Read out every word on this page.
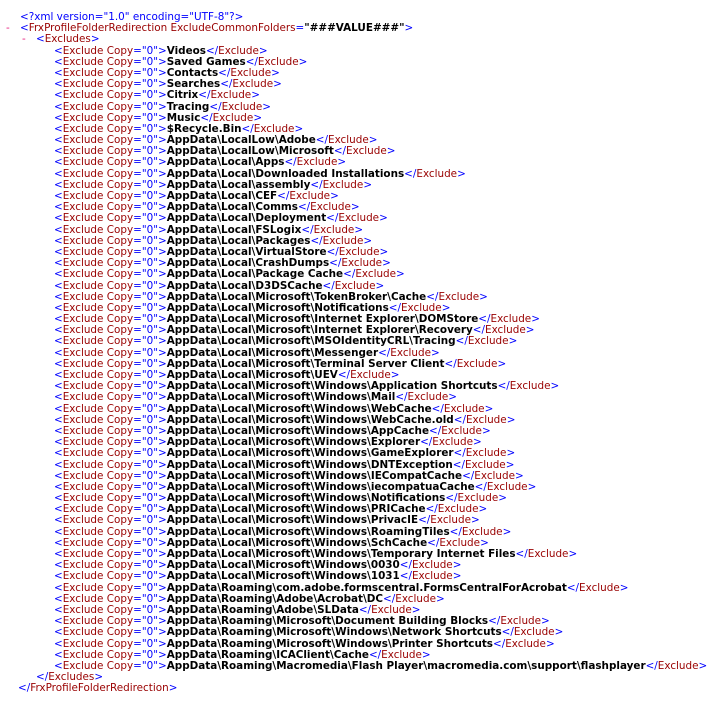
<?xml version="1.0" encoding="UTF-8"?>
- <FrxProfileFolderRedirection ExcludeCommonFolders="###VALUE###">
- <Excludes>
<Exclude Copy="0">Videos</Exclude>
<Exclude Copy="0">Saved Games</Exclude>
<Exclude Copy="0">Contacts</Exclude>
<Exclude Copy="0">Searches</Exclude>
<Exclude Copy="0">Citrix</Exclude>
<Exclude Copy="0">Tracing</Exclude>
<Exclude Copy="0">Music</Exclude>
<Exclude Copy="0">$Recycle.Bin</Exclude>
<Exclude Copy="0">AppData\LocalLow\Adobe</Exclude>
<Exclude Copy="0">AppData\LocalLow\Microsoft</Exclude>
<Exclude Copy="0">AppData\Local\Apps</Exclude>
<Exclude Copy="0">AppData\Local\Downloaded Installations</Exclude>
<Exclude Copy="0">AppData\Local\assembly</Exclude>
<Exclude Copy="0">AppData\Local\CEF</Exclude>
<Exclude Copy="0">AppData\Local\Comms</Exclude>
<Exclude Copy="0">AppData\Local\Deployment</Exclude>
<Exclude Copy="0">AppData\Local\FSLogix</Exclude>
<Exclude Copy="0">AppData\Local\Packages</Exclude>
<Exclude Copy="0">AppData\Local\VirtualStore</Exclude>
<Exclude Copy="0">AppData\Local\CrashDumps</Exclude>
<Exclude Copy="0">AppData\Local\Package Cache</Exclude>
<Exclude Copy="0">AppData\Local\D3DSCache</Exclude>
<Exclude Copy="0">AppData\Local\Microsoft\TokenBroker\Cache</Exclude>
<Exclude Copy="0">AppData\Local\Microsoft\Notifications</Exclude>
<Exclude Copy="0">AppData\Local\Microsoft\Internet Explorer\DOMStore</Exclude>
<Exclude Copy="0">AppData\Local\Microsoft\Internet Explorer\Recovery</Exclude>
<Exclude Copy="0">AppData\Local\Microsoft\MSOIdentityCRL\Tracing</Exclude>
<Exclude Copy="0">AppData\Local\Microsoft\Messenger</Exclude>
<Exclude Copy="0">AppData\Local\Microsoft\Terminal Server Client</Exclude>
<Exclude Copy="0">AppData\Local\Microsoft\UEV</Exclude>
<Exclude Copy="0">AppData\Local\Microsoft\Windows\Application Shortcuts</Exclude>
<Exclude Copy="0">AppData\Local\Microsoft\Windows\Mail</Exclude>
<Exclude Copy="0">AppData\Local\Microsoft\Windows\WebCache</Exclude>
<Exclude Copy="0">AppData\Local\Microsoft\Windows\WebCache.old</Exclude>
<Exclude Copy="0">AppData\Local\Microsoft\Windows\AppCache</Exclude>
<Exclude Copy="0">AppData\Local\Microsoft\Windows\Explorer</Exclude>
<Exclude Copy="0">AppData\Local\Microsoft\Windows\GameExplorer</Exclude>
<Exclude Copy="0">AppData\Local\Microsoft\Windows\DNTException</Exclude>
<Exclude Copy="0">AppData\Local\Microsoft\Windows\IECompatCache</Exclude>
<Exclude Copy="0">AppData\Local\Microsoft\Windows\iecompatuaCache</Exclude>
<Exclude Copy="0">AppData\Local\Microsoft\Windows\Notifications</Exclude>
<Exclude Copy="0">AppData\Local\Microsoft\Windows\PRICache</Exclude>
<Exclude Copy="0">AppData\Local\Microsoft\Windows\PrivacIE</Exclude>
<Exclude Copy="0">AppData\Local\Microsoft\Windows\RoamingTiles</Exclude>
<Exclude Copy="0">AppData\Local\Microsoft\Windows\SchCache</Exclude>
<Exclude Copy="0">AppData\Local\Microsoft\Windows\Temporary Internet Files</Exclude>
<Exclude Copy="0">AppData\Local\Microsoft\Windows\0030</Exclude>
<Exclude Copy="0">AppData\Local\Microsoft\Windows\1031</Exclude>
<Exclude Copy="0">AppData\Roaming\com.adobe.formscentral.FormsCentralForAcrobat</Exclude>
<Exclude Copy="0">AppData\Roaming\Adobe\Acrobat\DC</Exclude>
<Exclude Copy="0">AppData\Roaming\Adobe\SLData</Exclude>
<Exclude Copy="0">AppData\Roaming\Microsoft\Document Building Blocks</Exclude>
<Exclude Copy="0">AppData\Roaming\Microsoft\Windows\Network Shortcuts</Exclude>
<Exclude Copy="0">AppData\Roaming\Microsoft\Windows\Printer Shortcuts</Exclude>
<Exclude Copy="0">AppData\Roaming\ICAClient\Cache</Exclude>
<Exclude Copy="0">AppData\Roaming\Macromedia\Flash Player\macromedia.com\support\flashplayer</Exclude>
</Excludes>
</FrxProfileFolderRedirection>
